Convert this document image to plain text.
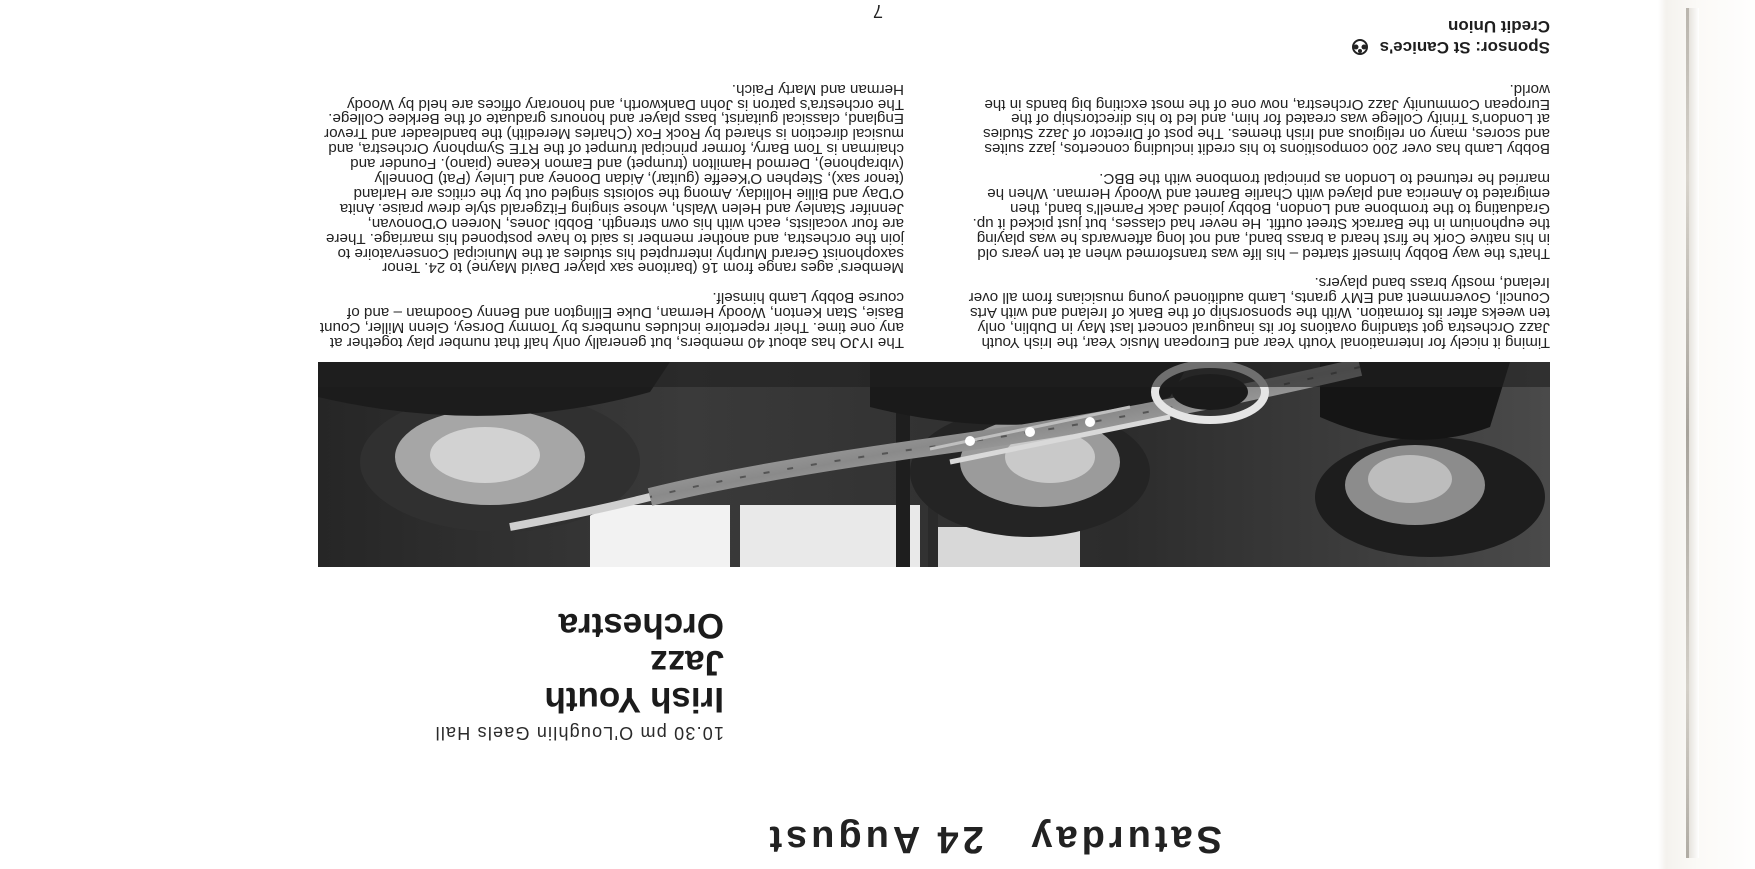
Saturday   24 August
10.30 pm O'Loughlin Gaels Hall
Irish Youth
Jazz
Orchestra

Timing it nicely for International Youth Year and European Music Year, the Irish Youth Jazz Orchestra got standing ovations for its inaugural concert last May in Dublin, only ten weeks after its formation. With the sponsorship of the Bank of Ireland and with Arts Council, Government and EMY grants, Lamb auditioned young musicians from all over Ireland, mostly brass band players.

That's the way Bobby himself started – his life was transformed when at ten years old in his native Cork he first heard a brass band, and not long afterwards he was playing the euphonium in the Barrack Street outfit. He never had classes, but just picked it up. Graduating to the trombone and London, Bobby joined Jack Parnell's band, then emigrated to America and played with Charlie Barnet and Woody Herman. When he married he returned to London as principal trombone with the BBC.

Bobby Lamb has over 200 compositions to his credit including concertos, jazz suites and scores, many on religious and Irish themes. The post of Director of Jazz Studies at London's Trinity College was created for him, and led to his directorship of the European Community Jazz Orchestra, now one of the most exciting big bands in the world.

The IYJO has about 40 members, but generally only half that number play together at any one time. Their repertoire includes numbers by Tommy Dorsey, Glenn Miller, Count Basie, Stan Kenton, Woody Herman, Duke Ellington and Benny Goodman – and of course Bobby Lamb himself.

Members' ages range from 16 (baritone sax player David Mayne) to 24. Tenor saxophonist Gerard Murphy interrupted his studies at the Municipal Conservatoire to join the orchestra, and another member is said to have postponed his marriage. There are four vocalists, each with his own strength. Bobbi Jones, Noreen O'Donovan, Jennifer Stanley and Helen Walsh, whose singing Fitzgerald style drew praise. Anita O'Day and Billie Holliday. Among the soloists singled out by the critics are Harland (tenor sax), Stephen O'Keeffe (guitar), Aidan Dooney and Linley (Pat) Donnelly (vibraphone), Dermod Hamilton (trumpet) and Eamon Keane (piano). Founder and chairman is Tom Barry, former principal trumpet of the RTE Symphony Orchestra, and musical direction is shared by Rock Fox (Charles Meredith) the bandleader and Trevor England, classical guitarist, bass player and honours graduate of the Berklee College. The orchestra's patron is John Dankworth, and honorary offices are held by Woody Herman and Marty Paich.

Sponsor: St Canice's
Credit Union
7
